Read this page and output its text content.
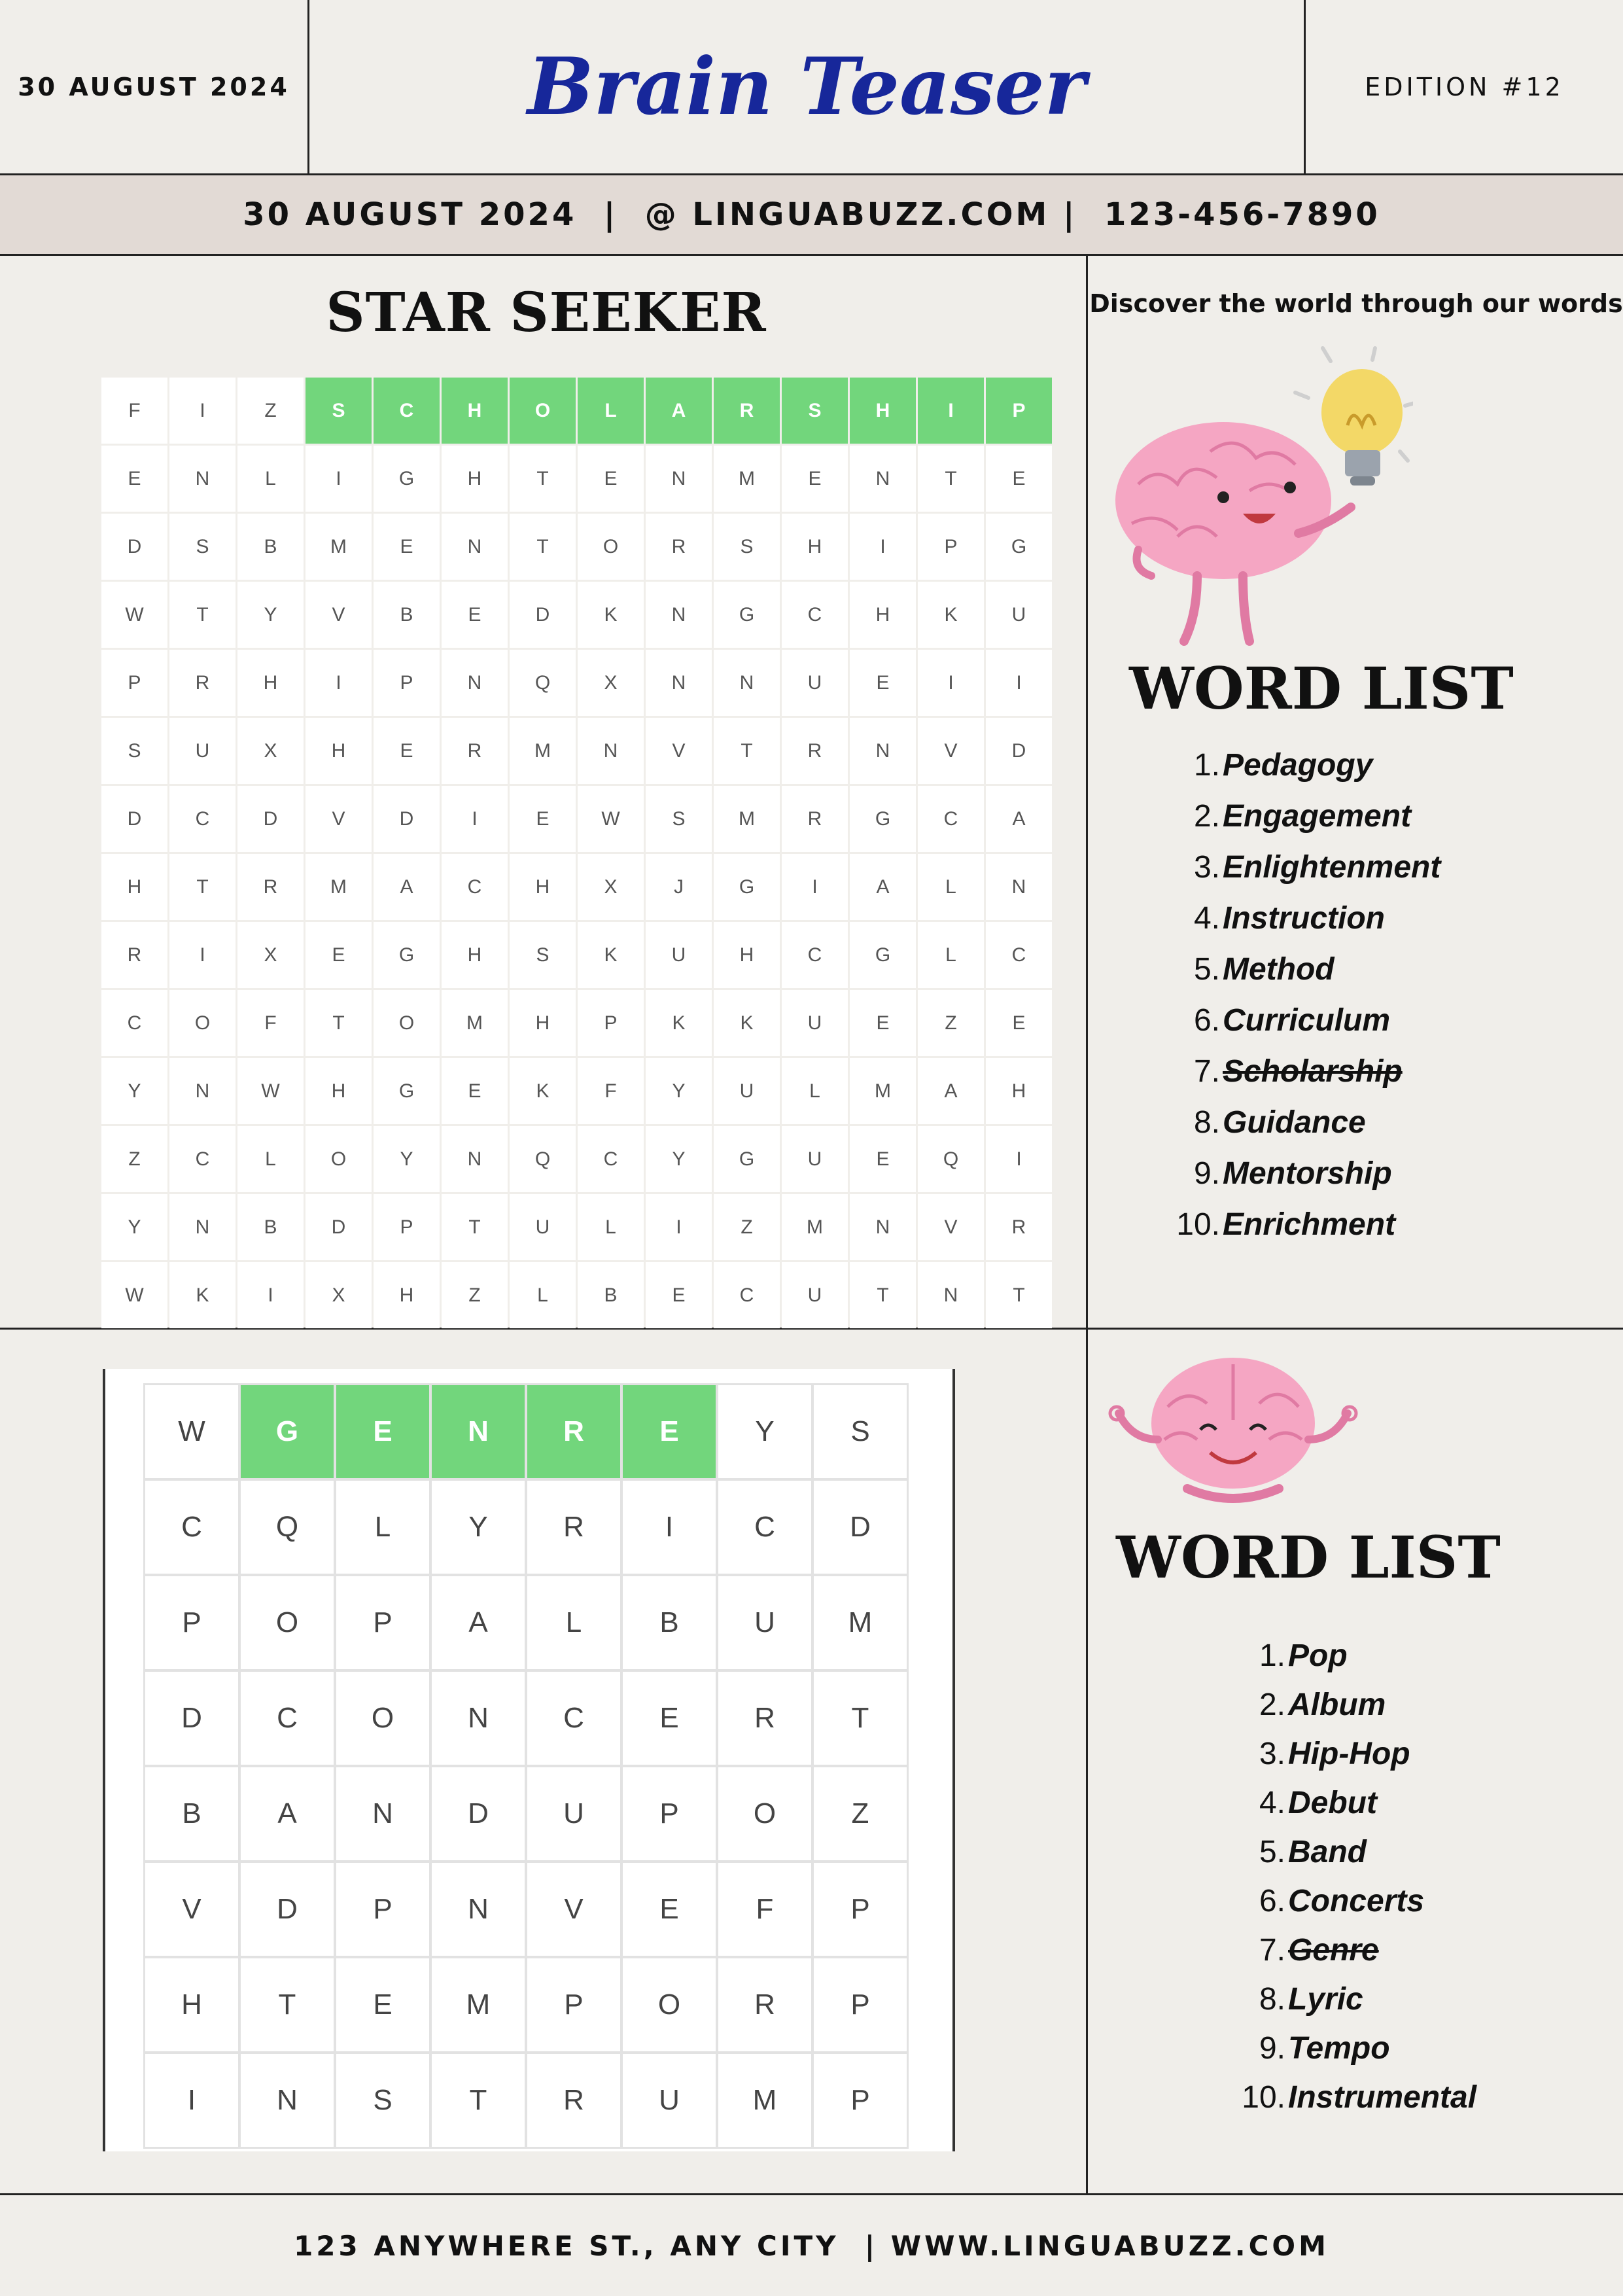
30 AUGUST 2024	Brain Teaser	EDITION #12
30 AUGUST 2024
|
@ LINGUABUZZ.COM
|
123-456-7890
STAR SEEKER
F	I	Z	S	C	H	O	L	A	R	S	H	I	P
E	N	L	I	G	H	T	E	N	M	E	N	T	E
D	S	B	M	E	N	T	O	R	S	H	I	P	G
W	T	Y	V	B	E	D	K	N	G	C	H	K	U
P	R	H	I	P	N	Q	X	N	N	U	E	I	I
S	U	X	H	E	R	M	N	V	T	R	N	V	D
D	C	D	V	D	I	E	W	S	M	R	G	C	A
H	T	R	M	A	C	H	X	J	G	I	A	L	N
R	I	X	E	G	H	S	K	U	H	C	G	L	C
C	O	F	T	O	M	H	P	K	K	U	E	Z	E
Y	N	W	H	G	E	K	F	Y	U	L	M	A	H
Z	C	L	O	Y	N	Q	C	Y	G	U	E	Q	I
Y	N	B	D	P	T	U	L	I	Z	M	N	V	R
W	K	I	X	H	Z	L	B	E	C	U	T	N	T
Discover the world through our words
WORD LIST
1. Pedagogy
2. Engagement
3. Enlightenment
4. Instruction
5. Method
6. Curriculum
7. Scholarship
8. Guidance
9. Mentorship
10. Enrichment
W	G	E	N	R	E	Y	S
C	Q	L	Y	R	I	C	D
P	O	P	A	L	B	U	M
D	C	O	N	C	E	R	T
B	A	N	D	U	P	O	Z
V	D	P	N	V	E	F	P
H	T	E	M	P	O	R	P
I	N	S	T	R	U	M	P
WORD LIST
1. Pop
2. Album
3. Hip-Hop
4. Debut
5. Band
6. Concerts
7. Genre
8. Lyric
9. Tempo
10. Instrumental
123 ANYWHERE ST., ANY CITY
|
WWW.LINGUABUZZ.COM
